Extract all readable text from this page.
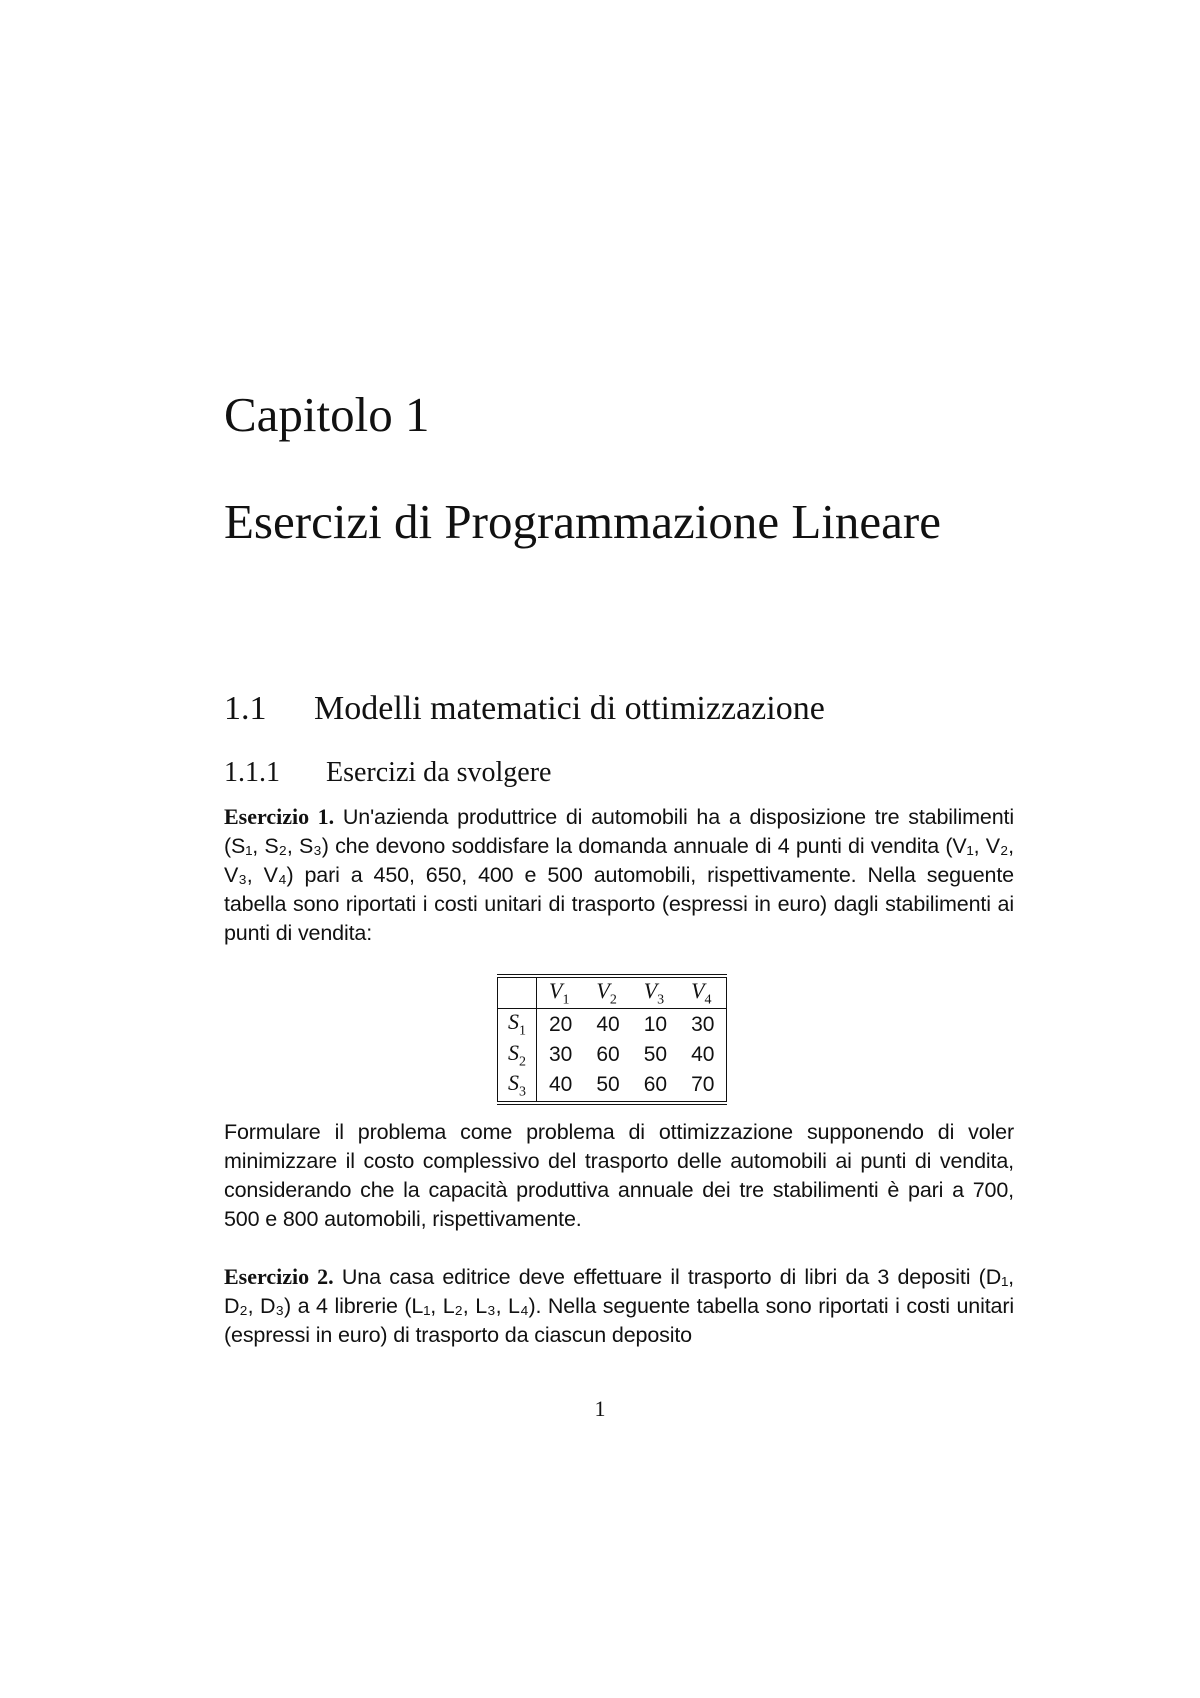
Capitolo 1
Esercizi di Programmazione Lineare
1.1 Modelli matematici di ottimizzazione
1.1.1 Esercizi da svolgere

Esercizio 1. Un'azienda produttrice di automobili ha a disposizione tre stabilimenti (S₁, S₂, S₃) che devono soddisfare la domanda annuale di 4 punti di vendita (V₁, V₂, V₃, V₄) pari a 450, 650, 400 e 500 automobili, rispettivamente. Nella seguente tabella sono riportati i costi unitari di trasporto (espressi in euro) dagli stabilimenti ai punti di vendita:

	$V_1$	$V_2$	$V_3$	$V_4$
$S_1$	20	40	10	30
$S_2$	30	60	50	40
$S_3$	40	50	60	70

Formulare il problema come problema di ottimizzazione supponendo di voler minimizzare il costo complessivo del trasporto delle automobili ai punti di vendita, considerando che la capacità produttiva annuale dei tre stabilimenti è pari a 700, 500 e 800 automobili, rispettivamente.

Esercizio 2. Una casa editrice deve effettuare il trasporto di libri da 3 depositi (D₁, D₂, D₃) a 4 librerie (L₁, L₂, L₃, L₄). Nella seguente tabella sono riportati i costi unitari (espressi in euro) di trasporto da ciascun deposito

1
